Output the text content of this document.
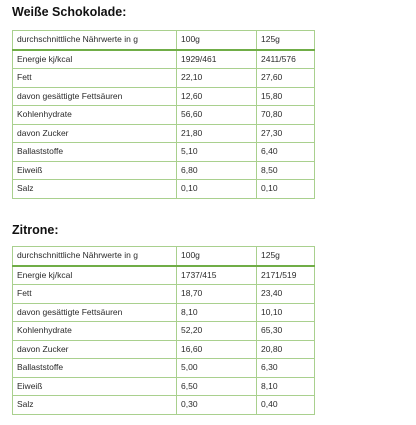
Weiße Schokolade:
durchschnittliche Nährwerte in g	100g	125g
Energie kj/kcal	1929/461	2411/576
Fett	22,10	27,60
davon gesättigte Fettsäuren	12,60	15,80
Kohlenhydrate	56,60	70,80
davon Zucker	21,80	27,30
Ballaststoffe	5,10	6,40
Eiweiß	6,80	8,50
Salz	0,10	0,10
Zitrone:
durchschnittliche Nährwerte in g	100g	125g
Energie kj/kcal	1737/415	2171/519
Fett	18,70	23,40
davon gesättigte Fettsäuren	8,10	10,10
Kohlenhydrate	52,20	65,30
davon Zucker	16,60	20,80
Ballaststoffe	5,00	6,30
Eiweiß	6,50	8,10
Salz	0,30	0,40
